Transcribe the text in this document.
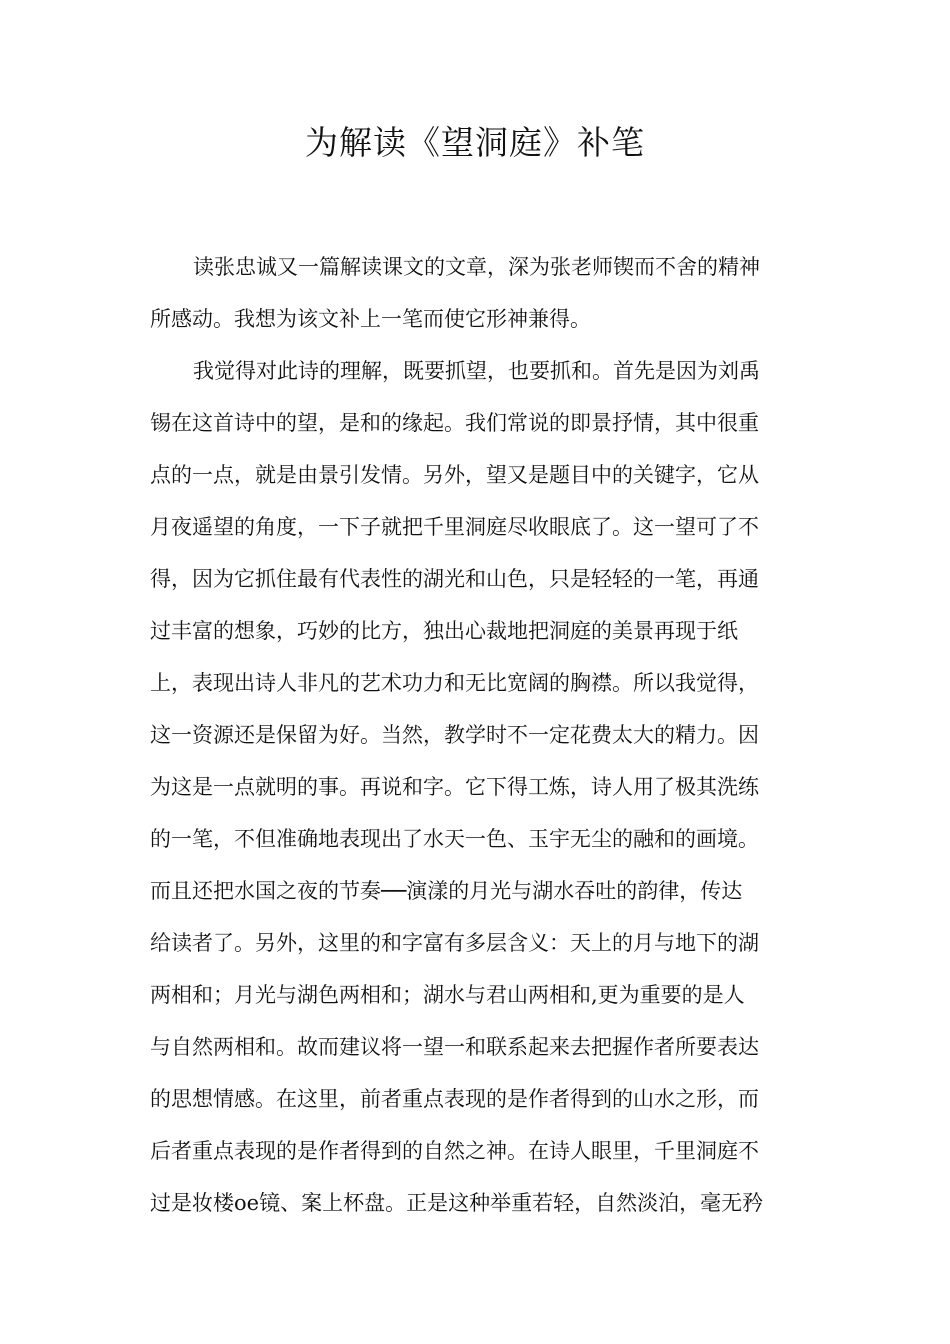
为解读《望洞庭》补笔

读张忠诚又一篇解读课文的文章，深为张老师锲而不舍的精神

所感动。我想为该文补上一笔而使它形神兼得。

我觉得对此诗的理解，既要抓望，也要抓和。首先是因为刘禹

锡在这首诗中的望，是和的缘起。我们常说的即景抒情，其中很重

点的一点，就是由景引发情。另外，望又是题目中的关键字，它从

月夜遥望的角度，一下子就把千里洞庭尽收眼底了。这一望可了不

得，因为它抓住最有代表性的湖光和山色，只是轻轻的一笔，再通

过丰富的想象，巧妙的比方，独出心裁地把洞庭的美景再现于纸

上，表现出诗人非凡的艺术功力和无比宽阔的胸襟。所以我觉得，

这一资源还是保留为好。当然，教学时不一定花费太大的精力。因

为这是一点就明的事。再说和字。它下得工炼，诗人用了极其洗练

的一笔，不但准确地表现出了水天一色、玉宇无尘的融和的画境。

而且还把水国之夜的节奏──演漾的月光与湖水吞吐的韵律，传达

给读者了。另外，这里的和字富有多层含义：天上的月与地下的湖

两相和；月光与湖色两相和；湖水与君山两相和,更为重要的是人

与自然两相和。故而建议将一望一和联系起来去把握作者所要表达

的思想情感。在这里，前者重点表现的是作者得到的山水之形，而

后者重点表现的是作者得到的自然之神。在诗人眼里，千里洞庭不

过是妆楼oe镜、案上杯盘。正是这种举重若轻，自然淡泊，毫无矜
